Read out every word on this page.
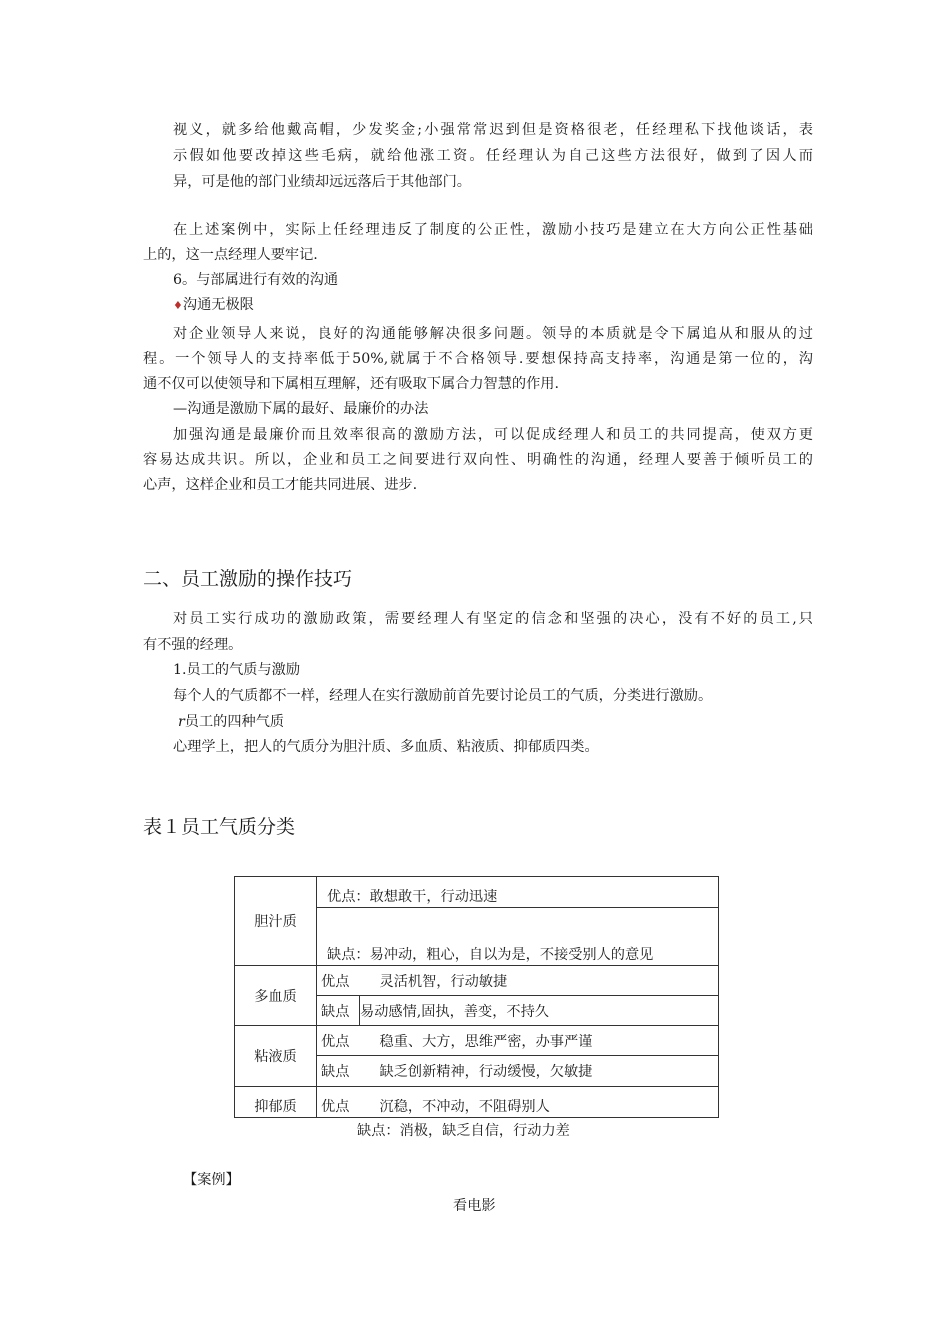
视义，就多给他戴高帽，少发奖金;小强常常迟到但是资格很老，任经理私下找他谈话，表
示假如他要改掉这些毛病，就给他涨工资。任经理认为自己这些方法很好，做到了因人而
异，可是他的部门业绩却远远落后于其他部门。
在上述案例中，实际上任经理违反了制度的公正性，激励小技巧是建立在大方向公正性基础
上的，这一点经理人要牢记.
6。与部属进行有效的沟通
♦沟通无极限
对企业领导人来说，良好的沟通能够解决很多问题。领导的本质就是令下属追从和服从的过
程。一个领导人的支持率低于50%,就属于不合格领导.要想保持高支持率，沟通是第一位的，沟
通不仅可以使领导和下属相互理解，还有吸取下属合力智慧的作用.
—沟通是激励下属的最好、最廉价的办法
加强沟通是最廉价而且效率很高的激励方法，可以促成经理人和员工的共同提高，使双方更
容易达成共识。所以，企业和员工之间要进行双向性、明确性的沟通，经理人要善于倾听员工的
心声，这样企业和员工才能共同进展、进步.
二、员工激励的操作技巧
对员工实行成功的激励政策，需要经理人有坚定的信念和坚强的决心，没有不好的员工,只
有不强的经理。
1.员工的气质与激励
每个人的气质都不一样，经理人在实行激励前首先要讨论员工的气质，分类进行激励。
r员工的四种气质
心理学上，把人的气质分为胆汁质、多血质、粘液质、抑郁质四类。
表１员工气质分类
胆汁质	优点：敢想敢干，行动迅速	
	缺点：易冲动，粗心，自以为是，不接受别人的意见	
多血质	优点	灵活机智，行动敏捷
	缺点	易动感情,固执，善变，不持久
粘液质	优点	稳重、大方，思维严密，办事严谨
	缺点	缺乏创新精神，行动缓慢，欠敏捷
抑郁质	优点	沉稳，不冲动，不阻碍别人
缺点：消极，缺乏自信，行动力差
【案例】
看电影
